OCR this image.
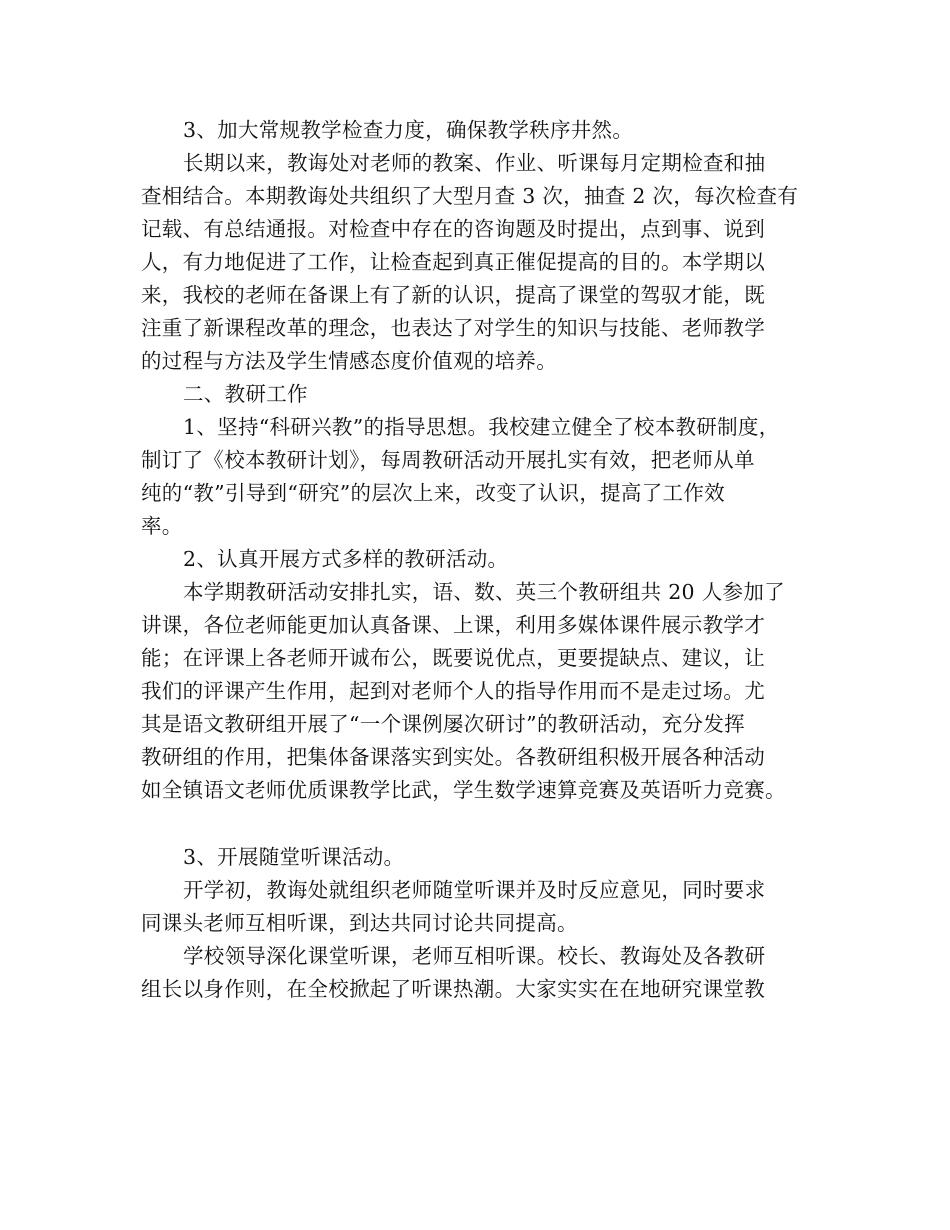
3、加大常规教学检查力度，确保教学秩序井然。
长期以来，教诲处对老师的教案、作业、听课每月定期检查和抽
查相结合。本期教诲处共组织了大型月查 3 次，抽查 2 次，每次检查有
记载、有总结通报。对检查中存在的咨询题及时提出，点到事、说到
人，有力地促进了工作，让检查起到真正催促提高的目的。本学期以
来，我校的老师在备课上有了新的认识，提高了课堂的驾驭才能，既
注重了新课程改革的理念，也表达了对学生的知识与技能、老师教学
的过程与方法及学生情感态度价值观的培养。
二、教研工作
1、坚持“科研兴教”的指导思想。我校建立健全了校本教研制度，
制订了《校本教研计划》，每周教研活动开展扎实有效，把老师从单
纯的“教”引导到“研究”的层次上来，改变了认识，提高了工作效
率。
2、认真开展方式多样的教研活动。
本学期教研活动安排扎实，语、数、英三个教研组共 20 人参加了
讲课，各位老师能更加认真备课、上课，利用多媒体课件展示教学才
能；在评课上各老师开诚布公，既要说优点，更要提缺点、建议，让
我们的评课产生作用，起到对老师个人的指导作用而不是走过场。尤
其是语文教研组开展了“一个课例屡次研讨”的教研活动，充分发挥
教研组的作用，把集体备课落实到实处。各教研组积极开展各种活动
如全镇语文老师优质课教学比武，学生数学速算竞赛及英语听力竞赛。
3、开展随堂听课活动。
开学初，教诲处就组织老师随堂听课并及时反应意见，同时要求
同课头老师互相听课，到达共同讨论共同提高。
学校领导深化课堂听课，老师互相听课。校长、教诲处及各教研
组长以身作则，在全校掀起了听课热潮。大家实实在在地研究课堂教
